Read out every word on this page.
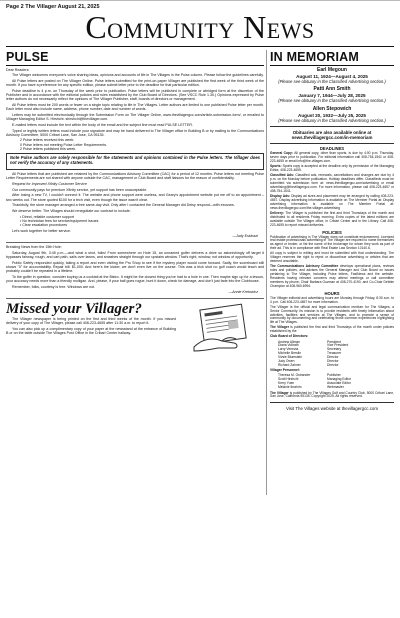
Page 2 The Villager August 21, 2025
Community News
PULSE

Dear Readers:

The Villager welcomes everyone's voice sharing ideas, opinions and accounts of life in The Villages in the Pulse column. Please follow the guidelines carefully.

All Pulse letters are posted on The Villager Online. Pulse letters submitted for the print-on-paper Villager are published the first week of the third week of the month. If you have a preference for any specific edition, please submit letter prior to the deadline for that particular edition.

Pulse deadline is 4 p.m. on Thursday of the week prior to publication. Pulse letters will be published in complete or abridged form at the discretion of the Publisher and in accordance with the editorial policies and rules established by the Club Board of Directors. (See VSCC Rule 1.30.) Opinions expressed by Pulse letter authors do not necessarily reflect the opinions of The Villager Publisher, staff, boards of directors or management.

All Pulse letters must be 200 words or fewer on a single topic relating to life in The Villages. Letter authors are limited to one published Pulse letter per month. Each letter must also include name, address, phone number, date and number of words.

Letters may be submitted electronically through the Submission Form on The Villager Online, www.thevillagergcc.com/article-submission-form/, or emailed to Villager Managing Editor S. Hirshchi: shirshchi@thevillager.com.

E-mailed letters must include the text within the body of the email and the subject line must read PULSE LETTER.

Typed or legibly written letters must include your signature and may be hand delivered to The Villager office in Building B or by mailing to the Communications Advisory Committee, 5000 Cribari Lane, San Jose, CA 95135.

2 Pulse letters received this week.
0 Pulse letters not meeting Pulse Letter Requirements.
2 Pulse letters published this week.

Note Pulse authors are solely responsible for the statements and opinions contained in the Pulse letters. The Villager does not verify the accuracy of any statements.

All Pulse letters that are published are retained by the Communications Advisory Committee (CAC) for a period of 12 months. Pulse letters not meeting Pulse Letter Requirements are not shared with anyone outside the CAC, management or Club Board and staff liaisons for the reason of confidentiality.

Request for Improved Xfinity Customer Service

Our community pays for premium Xfinity service, yet support has been unacceptable.

After losing a new TV, I couldn't connect it. The website and phone support were useless, and Geary's appointment website put me off to an appointment – two weeks out. The store quoted $100 for a tech visit, even though the issue wasn't clear.

Thankfully, the store manager arranged a free same-day visit. Only after I contacted the General Manager did Delsy respond—with excuses.

We deserve better. The Villages should renegotiate our contract to include:

• Direct, reliable customer support
• No technician fees for service/equipment issues
• Clear escalation procedures

Let's work together for better service.

—Judy Eskinazi

Breaking News from the 15th Hole:

Saturday, August 9th, 3:45 p.m.—and what a shot, folks! From somewhere on Hole 15, an unnamed golfer delivers a drive so astonishingly off target it bypasses fairway, rough, and cart path, sails over lawns, and smashes straight through our upstairs window. That's right, window, not window of opportunity.

Public Safety responded quickly, taking a report and even visiting the Pro Shop to see if the mystery player would come forward. Sadly, the scoreboard still shows "0" for accountability. Repair bill: $1,000. And here's the kicker, we don't even live on the course. This was a trick shot no golf coach would teach and probably couldn't be repeated in a lifetime.

To the golfer in question: consider buying us a cocktail at the Bistro. It might be the closest thing you've had to a hole in one. Then maybe sign up for a lesson, your accuracy needs more than a friendly mulligan. And, please, if your ball goes rogue, hunt it down, check for damage, and don't just fade into the Clubhouse.

Remember, folks, courtesy is free. Windows are not.

—Annie Kretowicz

Missed your Villager?

The Villager newspaper is being printed on the first and third weeks of the month. If you missed delivery of your copy of The Villager, please call 408-223-4655 after 11:30 a.m. to report it.

You can also pick up a complimentary copy of your paper at the newsstand at the entrance of Building B or on the table outside The Villages Post Office in the Cribari Center hallway.

IN MEMORIAM
Earl Megoun
August 11, 1924—August 4, 2025
(Please see obituary in the Classified Advertising section.)
Patti Ann Smith
January 7, 1944—July 28, 2025
(Please see obituary in the Classified Advertising section.)
Allen Stepowich
August 20, 1932—July 25, 2025
(Please see obituary in the Classified Advertising section.)
Obituaries are also available online at news.thevillagergcc.com/in-memoriam
DEADLINES

General Copy: All general copy, other than sports, is due by 4:00 p.m. Thursday, seven days prior to publication. For editorial information call 408-754-1541 or 408-223-4655 or email info@the-villages.com.

Sports: Sports copy is accepted at the deadline only by permission of the Managing Editor, 408-223-4655.

Classified Ads: Classified ads, renewals, cancellations and changes are due by 4 p.m. on the Monday before publication. Holiday deadlines differ. Classifieds must be submitted via submission form at: news.thevillagergcc.com/advertising or email advertising@thevillagergcc.com. For more information, please call 408-223-4657 or 408-754-1541.

Display Ads: Display ad sizes and placement may be arranged by calling 408-223-4657. Display advertising information is available on The Member Portal at: Display advertising information is available on The Member Portal at: news.thevillagergcc.com/the-villager-advertising

Delivery: The Villager is published the first and third Thursdays of the month and distributed to all residents Friday morning. Extra copies of the latest editions are available outside The Villager office, in Cribari Center and in the Library. Call 408-223-4655 to report missed deliveries.

POLICIES

Publication of advertising in The Villager does not constitute endorsement. Licensed real estate professionals advertising in The Villager are required to name themselves as agent or broker, or list the name of the brokerage for whom they work as part of their ad. This is in compliance with Real Estate Law Section 10140.6.

All copy is subject to editing and must be submitted with that understanding. The Villager reserves the right to reject or discontinue advertising or articles that are deemed unsuitable.

The Communications Advisory Committee develops operational plans, reviews rules and policies, and advises the General Manager and Club Board on issues pertaining to The Villager, including Pulse letters, FastNews and the website. Residents having relevant concerns may attend meetings or call committee members by phone; Chair Barbara Guzman at 408-270-4190, and Co-Chair Debbie Champion at 408-960-6994.

HOURS

The Villager editorial and advertising hours are Monday through Friday, 8:30 a.m. to 4 p.m. Call 408-223-4657 for more information.

The Villager is the official and legal communication medium for The Villages, a Senior Community. Its mission is to provide residents with timely information about activities, facilities and services at The Villages, and to promote a sense of community by documenting and celebrating those common experiences highlighting life at The Villages.

The Villager is published the first and third Thursdays of the month under policies established by the

Club Board of Directors:

Andrew Allman	President
Diana Vollrath	Vice President
Larry Venezia	Secretary
Michelle Breslin	Treasurer
Vivsie Blumstein	Director
Judy Owen	Director
Richard Zahner	Director

Villager Personnel:

Theresa M. Ostrander	Publisher
Scott Hirshchi	Managing Editor
Kerry Yuen	Associate Editor
Melanie Ibrahim	Webmaster

The Villager is published by The Villages Golf and Country Club, 5000 Cribari Lane, San Jose, California 95135. Copyright 2025. All rights reserved.

Visit The Villages website at thevillagergcc.com
